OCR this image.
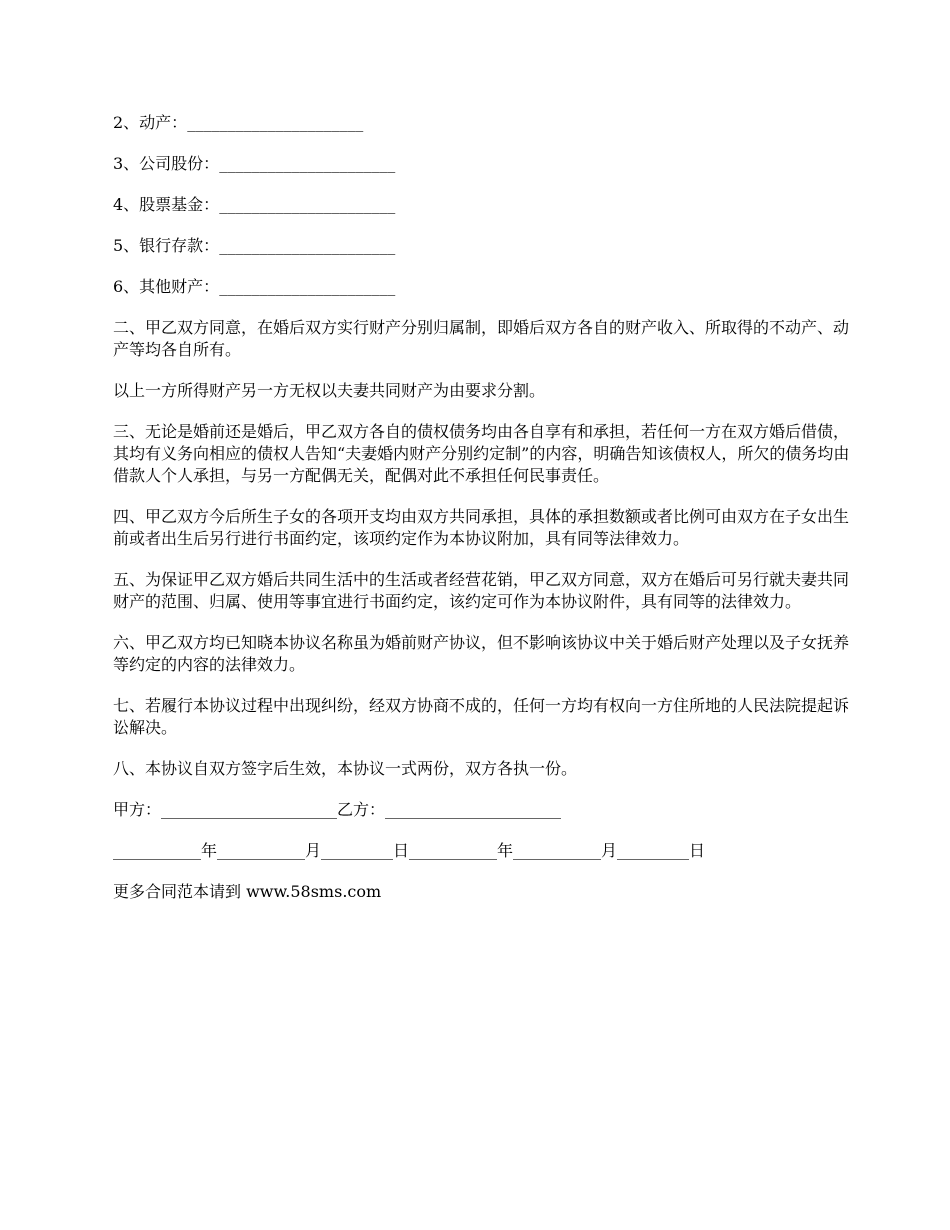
2、动产：______________________
3、公司股份：______________________
4、股票基金：______________________
5、银行存款：______________________
6、其他财产：______________________
二、甲乙双方同意，在婚后双方实行财产分别归属制，即婚后双方各自的财产收入、所取得的不动产、动产等均各自所有。
以上一方所得财产另一方无权以夫妻共同财产为由要求分割。
三、无论是婚前还是婚后，甲乙双方各自的债权债务均由各自享有和承担，若任何一方在双方婚后借债，其均有义务向相应的债权人告知“夫妻婚内财产分别约定制”的内容，明确告知该债权人，所欠的债务均由借款人个人承担，与另一方配偶无关，配偶对此不承担任何民事责任。
四、甲乙双方今后所生子女的各项开支均由双方共同承担，具体的承担数额或者比例可由双方在子女出生前或者出生后另行进行书面约定，该项约定作为本协议附加，具有同等法律效力。
五、为保证甲乙双方婚后共同生活中的生活或者经营花销，甲乙双方同意，双方在婚后可另行就夫妻共同财产的范围、归属、使用等事宜进行书面约定，该约定可作为本协议附件，具有同等的法律效力。
六、甲乙双方均已知晓本协议名称虽为婚前财产协议，但不影响该协议中关于婚后财产处理以及子女抚养等约定的内容的法律效力。
七、若履行本协议过程中出现纠纷，经双方协商不成的，任何一方均有权向一方住所地的人民法院提起诉讼解决。
八、本协议自双方签字后生效，本协议一式两份，双方各执一份。
甲方：______________________乙方：______________________
___________年___________月_________日___________年___________月_________日
更多合同范本请到 www.58sms.com
